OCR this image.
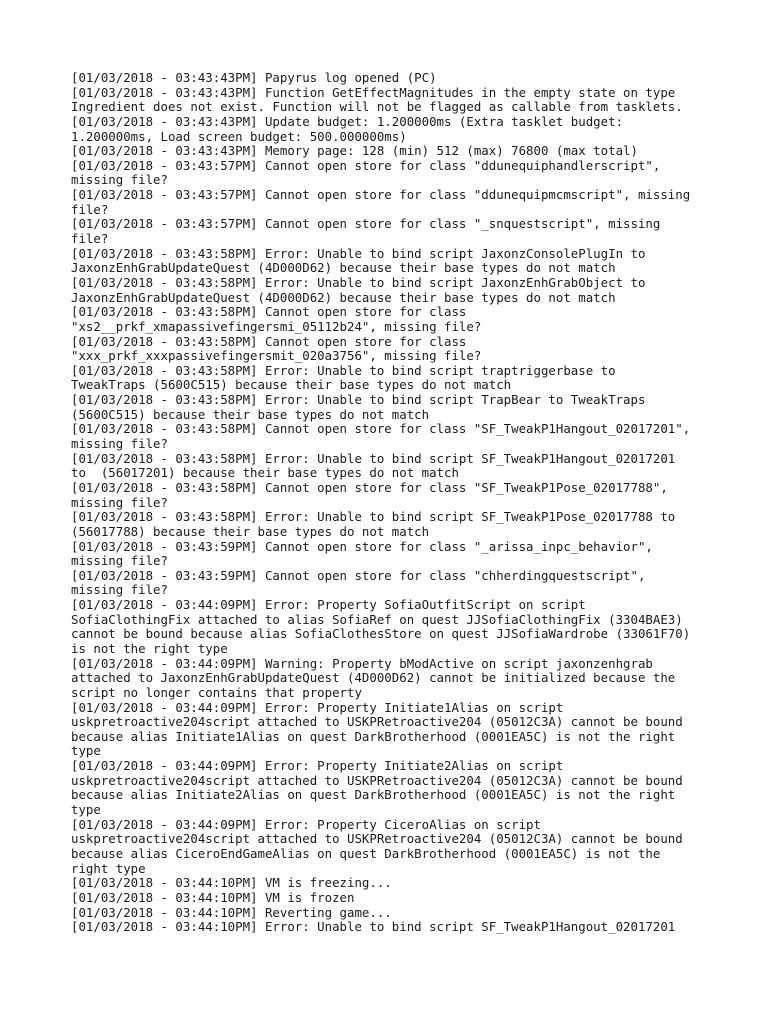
[01/03/2018 - 03:43:43PM] Papyrus log opened (PC)
[01/03/2018 - 03:43:43PM] Function GetEffectMagnitudes in the empty state on type
Ingredient does not exist. Function will not be flagged as callable from tasklets.
[01/03/2018 - 03:43:43PM] Update budget: 1.200000ms (Extra tasklet budget:
1.200000ms, Load screen budget: 500.000000ms)
[01/03/2018 - 03:43:43PM] Memory page: 128 (min) 512 (max) 76800 (max total)
[01/03/2018 - 03:43:57PM] Cannot open store for class "ddunequiphandlerscript",
missing file?
[01/03/2018 - 03:43:57PM] Cannot open store for class "ddunequipmcmscript", missing
file?
[01/03/2018 - 03:43:57PM] Cannot open store for class "_snquestscript", missing
file?
[01/03/2018 - 03:43:58PM] Error: Unable to bind script JaxonzConsolePlugIn to
JaxonzEnhGrabUpdateQuest (4D000D62) because their base types do not match
[01/03/2018 - 03:43:58PM] Error: Unable to bind script JaxonzEnhGrabObject to
JaxonzEnhGrabUpdateQuest (4D000D62) because their base types do not match
[01/03/2018 - 03:43:58PM] Cannot open store for class
"xs2__prkf_xmapassivefingersmi_05112b24", missing file?
[01/03/2018 - 03:43:58PM] Cannot open store for class
"xxx_prkf_xxxpassivefingersmit_020a3756", missing file?
[01/03/2018 - 03:43:58PM] Error: Unable to bind script traptriggerbase to
TweakTraps (5600C515) because their base types do not match
[01/03/2018 - 03:43:58PM] Error: Unable to bind script TrapBear to TweakTraps
(5600C515) because their base types do not match
[01/03/2018 - 03:43:58PM] Cannot open store for class "SF_TweakP1Hangout_02017201",
missing file?
[01/03/2018 - 03:43:58PM] Error: Unable to bind script SF_TweakP1Hangout_02017201
to  (56017201) because their base types do not match
[01/03/2018 - 03:43:58PM] Cannot open store for class "SF_TweakP1Pose_02017788",
missing file?
[01/03/2018 - 03:43:58PM] Error: Unable to bind script SF_TweakP1Pose_02017788 to
(56017788) because their base types do not match
[01/03/2018 - 03:43:59PM] Cannot open store for class "_arissa_inpc_behavior",
missing file?
[01/03/2018 - 03:43:59PM] Cannot open store for class "chherdingquestscript",
missing file?
[01/03/2018 - 03:44:09PM] Error: Property SofiaOutfitScript on script
SofiaClothingFix attached to alias SofiaRef on quest JJSofiaClothingFix (3304BAE3)
cannot be bound because alias SofiaClothesStore on quest JJSofiaWardrobe (33061F70)
is not the right type
[01/03/2018 - 03:44:09PM] Warning: Property bModActive on script jaxonzenhgrab
attached to JaxonzEnhGrabUpdateQuest (4D000D62) cannot be initialized because the
script no longer contains that property
[01/03/2018 - 03:44:09PM] Error: Property Initiate1Alias on script
uskpretroactive204script attached to USKPRetroactive204 (05012C3A) cannot be bound
because alias Initiate1Alias on quest DarkBrotherhood (0001EA5C) is not the right
type
[01/03/2018 - 03:44:09PM] Error: Property Initiate2Alias on script
uskpretroactive204script attached to USKPRetroactive204 (05012C3A) cannot be bound
because alias Initiate2Alias on quest DarkBrotherhood (0001EA5C) is not the right
type
[01/03/2018 - 03:44:09PM] Error: Property CiceroAlias on script
uskpretroactive204script attached to USKPRetroactive204 (05012C3A) cannot be bound
because alias CiceroEndGameAlias on quest DarkBrotherhood (0001EA5C) is not the
right type
[01/03/2018 - 03:44:10PM] VM is freezing...
[01/03/2018 - 03:44:10PM] VM is frozen
[01/03/2018 - 03:44:10PM] Reverting game...
[01/03/2018 - 03:44:10PM] Error: Unable to bind script SF_TweakP1Hangout_02017201
